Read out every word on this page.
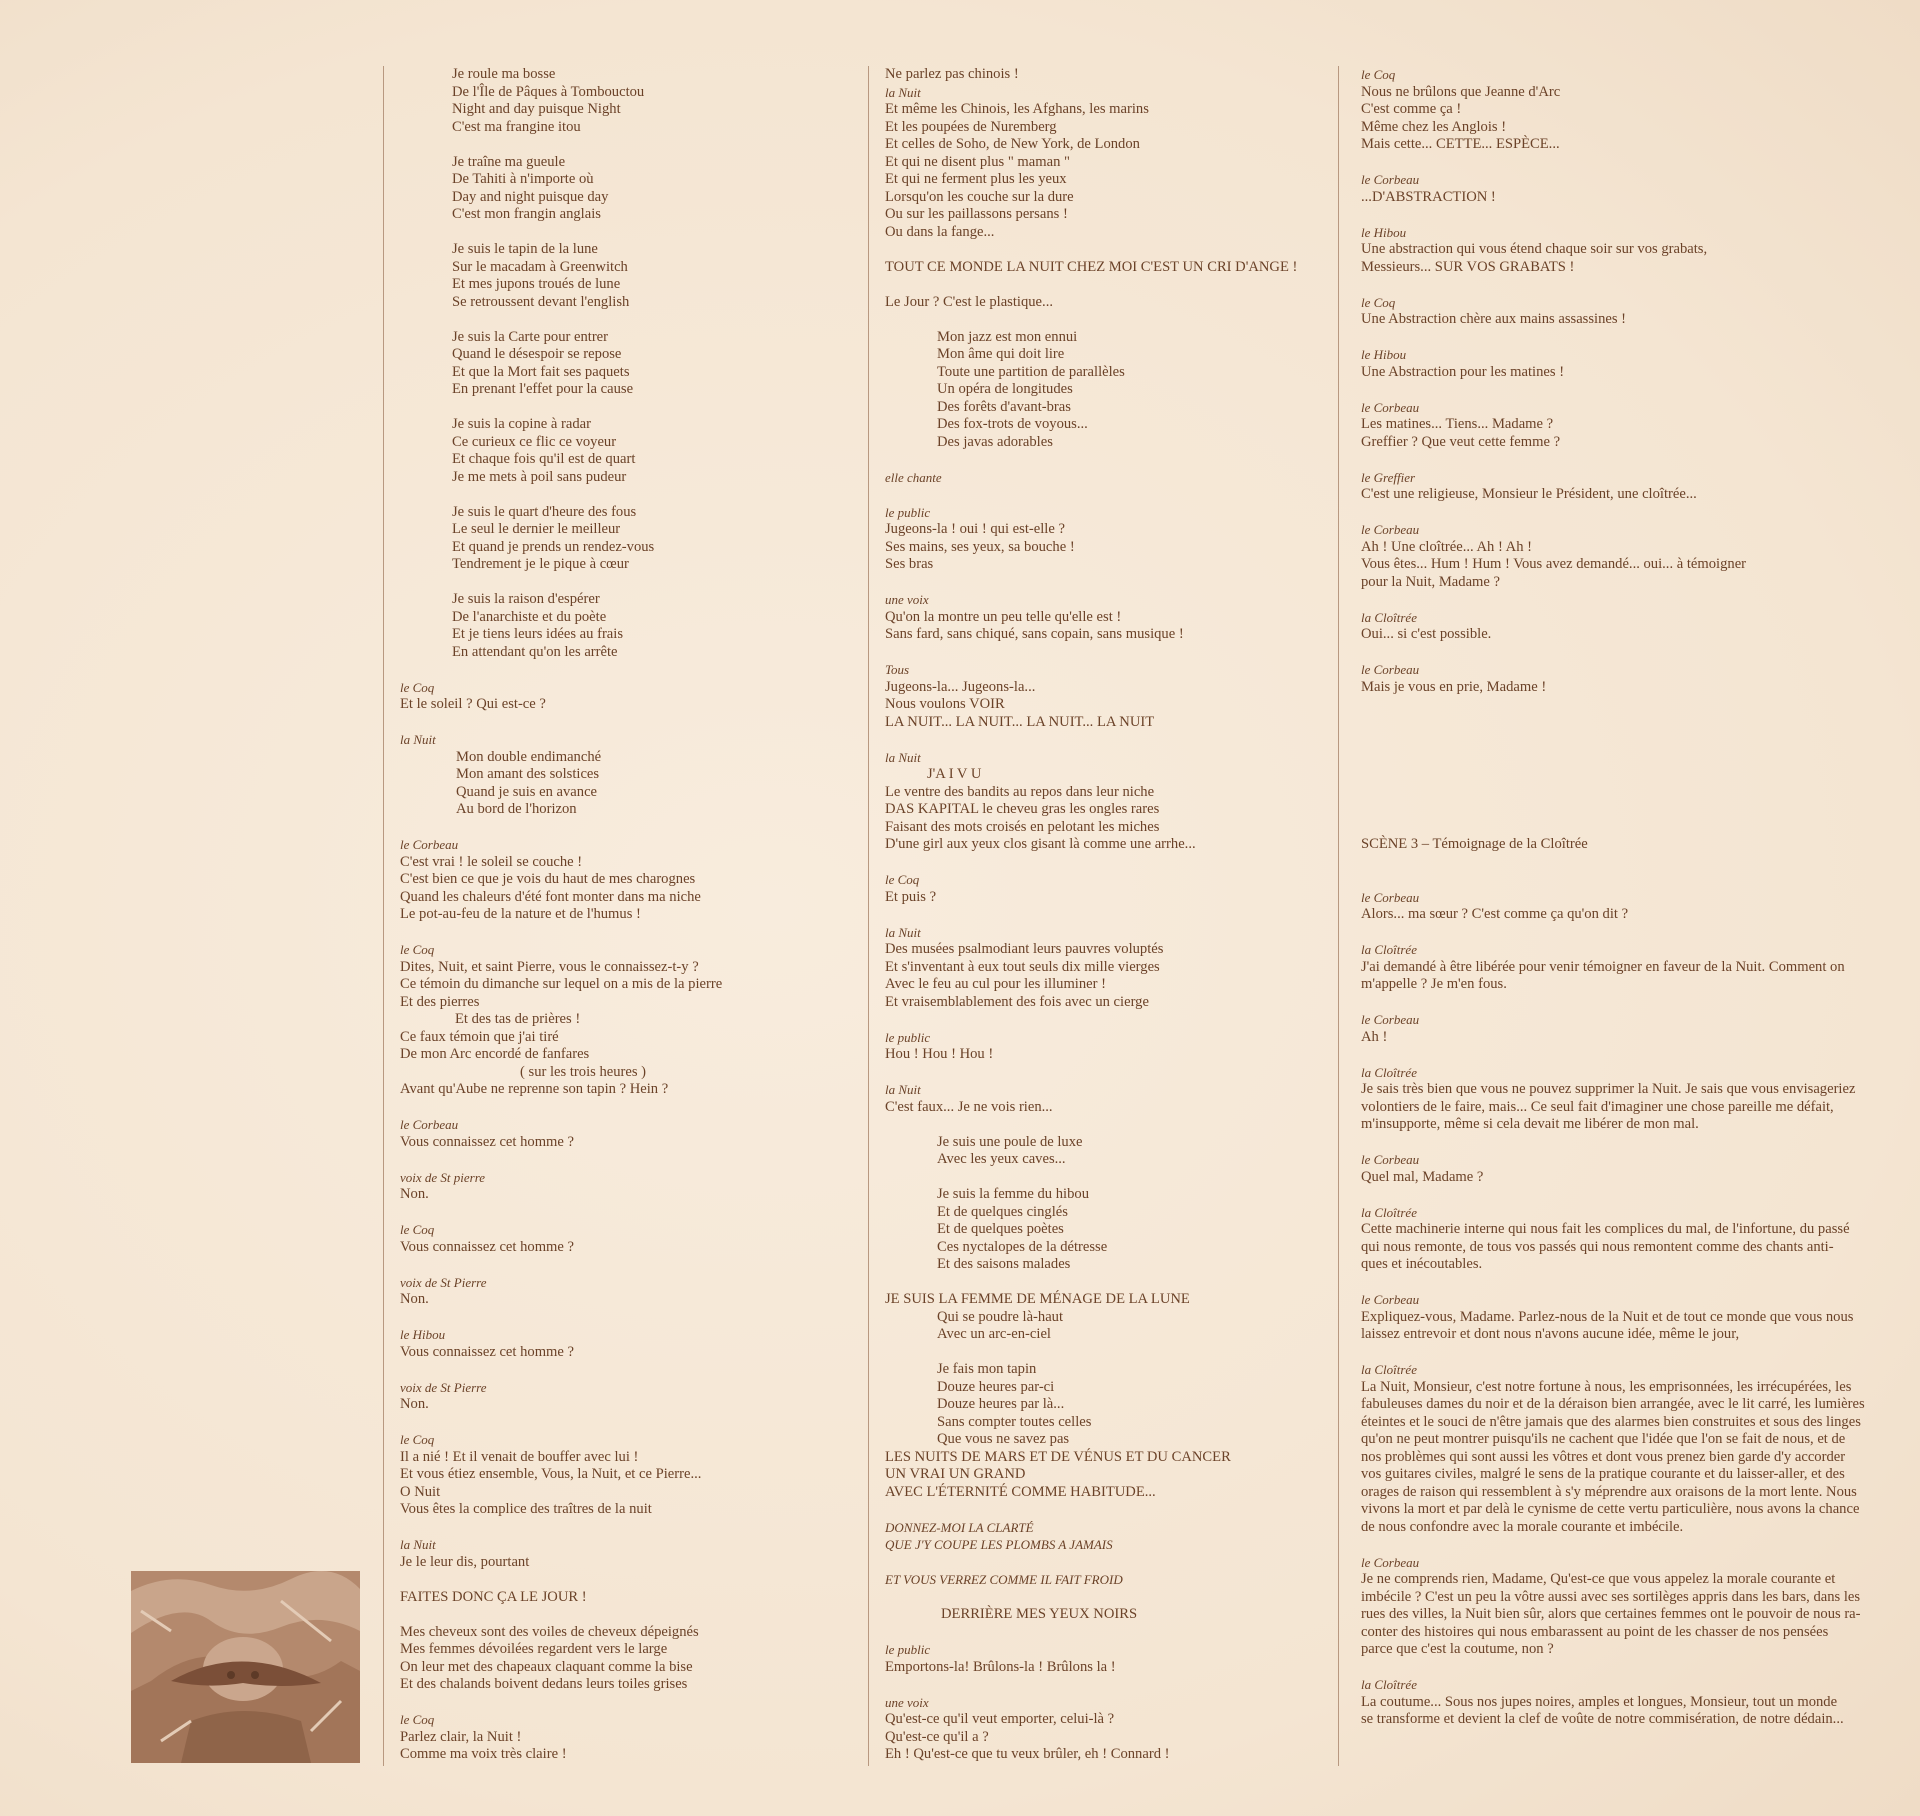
Je roule ma bosse
De l'Île de Pâques à Tombouctou
Night and day puisque Night
C'est ma frangine itou
Je traîne ma gueule
De Tahiti à n'importe où
Day and night puisque day
C'est mon frangin anglais
Je suis le tapin de la lune
Sur le macadam à Greenwitch
Et mes jupons troués de lune
Se retroussent devant l'english
Je suis la Carte pour entrer
Quand le désespoir se repose
Et que la Mort fait ses paquets
En prenant l'effet pour la cause
Je suis la copine à radar
Ce curieux ce flic ce voyeur
Et chaque fois qu'il est de quart
Je me mets à poil sans pudeur
Je suis le quart d'heure des fous
Le seul le dernier le meilleur
Et quand je prends un rendez-vous
Tendrement je le pique à cœur
Je suis la raison d'espérer
De l'anarchiste et du poète
Et je tiens leurs idées au frais
En attendant qu'on les arrête
le Coq
Et le soleil ? Qui est-ce ?
la Nuit
Mon double endimanché
Mon amant des solstices
Quand je suis en avance
Au bord de l'horizon
le Corbeau
C'est vrai ! le soleil se couche !
C'est bien ce que je vois du haut de mes charognes
Quand les chaleurs d'été font monter dans ma niche
Le pot-au-feu de la nature et de l'humus !
le Coq
Dites, Nuit, et saint Pierre, vous le connaissez-t-y ?
Ce témoin du dimanche sur lequel on a mis de la pierre
Et des pierres
Et des tas de prières !
Ce faux témoin que j'ai tiré
De mon Arc encordé de fanfares
( sur les trois heures )
Avant qu'Aube ne reprenne son tapin ? Hein ?
le Corbeau
Vous connaissez cet homme ?
voix de St pierre
Non.
le Coq
Vous connaissez cet homme ?
voix de St Pierre
Non.
le Hibou
Vous connaissez cet homme ?
voix de St Pierre
Non.
le Coq
Il a nié ! Et il venait de bouffer avec lui !
Et vous étiez ensemble, Vous, la Nuit, et ce Pierre...
O Nuit
Vous êtes la complice des traîtres de la nuit
la Nuit
Je le leur dis, pourtant
FAITES DONC ÇA LE JOUR !
Mes cheveux sont des voiles de cheveux dépeignés
Mes femmes dévoilées regardent vers le large
On leur met des chapeaux claquant comme la bise
Et des chalands boivent dedans leurs toiles grises
le Coq
Parlez clair, la Nuit !
Comme ma voix très claire !
Ne parlez pas chinois !
la Nuit
Et même les Chinois, les Afghans, les marins
Et les poupées de Nuremberg
Et celles de Soho, de New York, de London
Et qui ne disent plus " maman "
Et qui ne ferment plus les yeux
Lorsqu'on les couche sur la dure
Ou sur les paillassons persans !
Ou dans la fange...
TOUT CE MONDE LA NUIT CHEZ MOI C'EST UN CRI D'ANGE !
Le Jour ? C'est le plastique...
Mon jazz est mon ennui
Mon âme qui doit lire
Toute une partition de parallèles
Un opéra de longitudes
Des forêts d'avant-bras
Des fox-trots de voyous...
Des javas adorables
elle chante
le public
Jugeons-la ! oui ! qui est-elle ?
Ses mains, ses yeux, sa bouche !
Ses bras
une voix
Qu'on la montre un peu telle qu'elle est !
Sans fard, sans chiqué, sans copain, sans musique !
Tous
Jugeons-la... Jugeons-la...
Nous voulons VOIR
LA NUIT... LA NUIT... LA NUIT... LA NUIT
la Nuit
J'A I V U
Le ventre des bandits au repos dans leur niche
DAS KAPITAL le cheveu gras les ongles rares
Faisant des mots croisés en pelotant les miches
D'une girl aux yeux clos gisant là comme une arrhe...
le Coq
Et puis ?
la Nuit
Des musées psalmodiant leurs pauvres voluptés
Et s'inventant à eux tout seuls dix mille vierges
Avec le feu au cul pour les illuminer !
Et vraisemblablement des fois avec un cierge
le public
Hou ! Hou ! Hou !
la Nuit
C'est faux... Je ne vois rien...
Je suis une poule de luxe
Avec les yeux caves...
Je suis la femme du hibou
Et de quelques cinglés
Et de quelques poètes
Ces nyctalopes de la détresse
Et des saisons malades
JE SUIS LA FEMME DE MÉNAGE DE LA LUNE
Qui se poudre là-haut
Avec un arc-en-ciel
Je fais mon tapin
Douze heures par-ci
Douze heures par là...
Sans compter toutes celles
Que vous ne savez pas
LES NUITS DE MARS ET DE VÉNUS ET DU CANCER
UN VRAI UN GRAND
AVEC L'ÉTERNITÉ COMME HABITUDE...
DONNEZ-MOI LA CLARTÉ
QUE J'Y COUPE LES PLOMBS A JAMAIS
ET VOUS VERREZ COMME IL FAIT FROID
DERRIÈRE MES YEUX NOIRS
le public
Emportons-la! Brûlons-la ! Brûlons la !
une voix
Qu'est-ce qu'il veut emporter, celui-là ?
Qu'est-ce qu'il a ?
Eh ! Qu'est-ce que tu veux brûler, eh ! Connard !
le Coq
Nous ne brûlons que Jeanne d'Arc
C'est comme ça !
Même chez les Anglois !
Mais cette... CETTE... ESPÈCE...
le Corbeau
...D'ABSTRACTION !
le Hibou
Une abstraction qui vous étend chaque soir sur vos grabats,
Messieurs... SUR VOS GRABATS !
le Coq
Une Abstraction chère aux mains assassines !
le Hibou
Une Abstraction pour les matines !
le Corbeau
Les matines... Tiens... Madame ?
Greffier ? Que veut cette femme ?
le Greffier
C'est une religieuse, Monsieur le Président, une cloîtrée...
le Corbeau
Ah ! Une cloîtrée... Ah ! Ah !
Vous êtes... Hum ! Hum ! Vous avez demandé... oui... à témoigner
pour la Nuit, Madame ?
la Cloîtrée
Oui... si c'est possible.
le Corbeau
Mais je vous en prie, Madame !
SCÈNE 3 – Témoignage de la Cloîtrée
le Corbeau
Alors... ma sœur ? C'est comme ça qu'on dit ?
la Cloîtrée
J'ai demandé à être libérée pour venir témoigner en faveur de la Nuit. Comment on
m'appelle ? Je m'en fous.
le Corbeau
Ah !
la Cloîtrée
Je sais très bien que vous ne pouvez supprimer la Nuit. Je sais que vous envisageriez
volontiers de le faire, mais... Ce seul fait d'imaginer une chose pareille me défait,
m'insupporte, même si cela devait me libérer de mon mal.
le Corbeau
Quel mal, Madame ?
la Cloîtrée
Cette machinerie interne qui nous fait les complices du mal, de l'infortune, du passé
qui nous remonte, de tous vos passés qui nous remontent comme des chants anti-
ques et inécoutables.
le Corbeau
Expliquez-vous, Madame. Parlez-nous de la Nuit et de tout ce monde que vous nous
laissez entrevoir et dont nous n'avons aucune idée, même le jour,
la Cloîtrée
La Nuit, Monsieur, c'est notre fortune à nous, les emprisonnées, les irrécupérées, les
fabuleuses dames du noir et de la déraison bien arrangée, avec le lit carré, les lumières
éteintes et le souci de n'être jamais que des alarmes bien construites et sous des linges
qu'on ne peut montrer puisqu'ils ne cachent que l'idée que l'on se fait de nous, et de
nos problèmes qui sont aussi les vôtres et dont vous prenez bien garde d'y accorder
vos guitares civiles, malgré le sens de la pratique courante et du laisser-aller, et des
orages de raison qui ressemblent à s'y méprendre aux oraisons de la mort lente. Nous
vivons la mort et par delà le cynisme de cette vertu particulière, nous avons la chance
de nous confondre avec la morale courante et imbécile.
le Corbeau
Je ne comprends rien, Madame, Qu'est-ce que vous appelez la morale courante et
imbécile ? C'est un peu la vôtre aussi avec ses sortilèges appris dans les bars, dans les
rues des villes, la Nuit bien sûr, alors que certaines femmes ont le pouvoir de nous ra-
conter des histoires qui nous embarassent au point de les chasser de nos pensées
parce que c'est la coutume, non ?
la Cloîtrée
La coutume... Sous nos jupes noires, amples et longues, Monsieur, tout un monde
se transforme et devient la clef de voûte de notre commisération, de notre dédain...
